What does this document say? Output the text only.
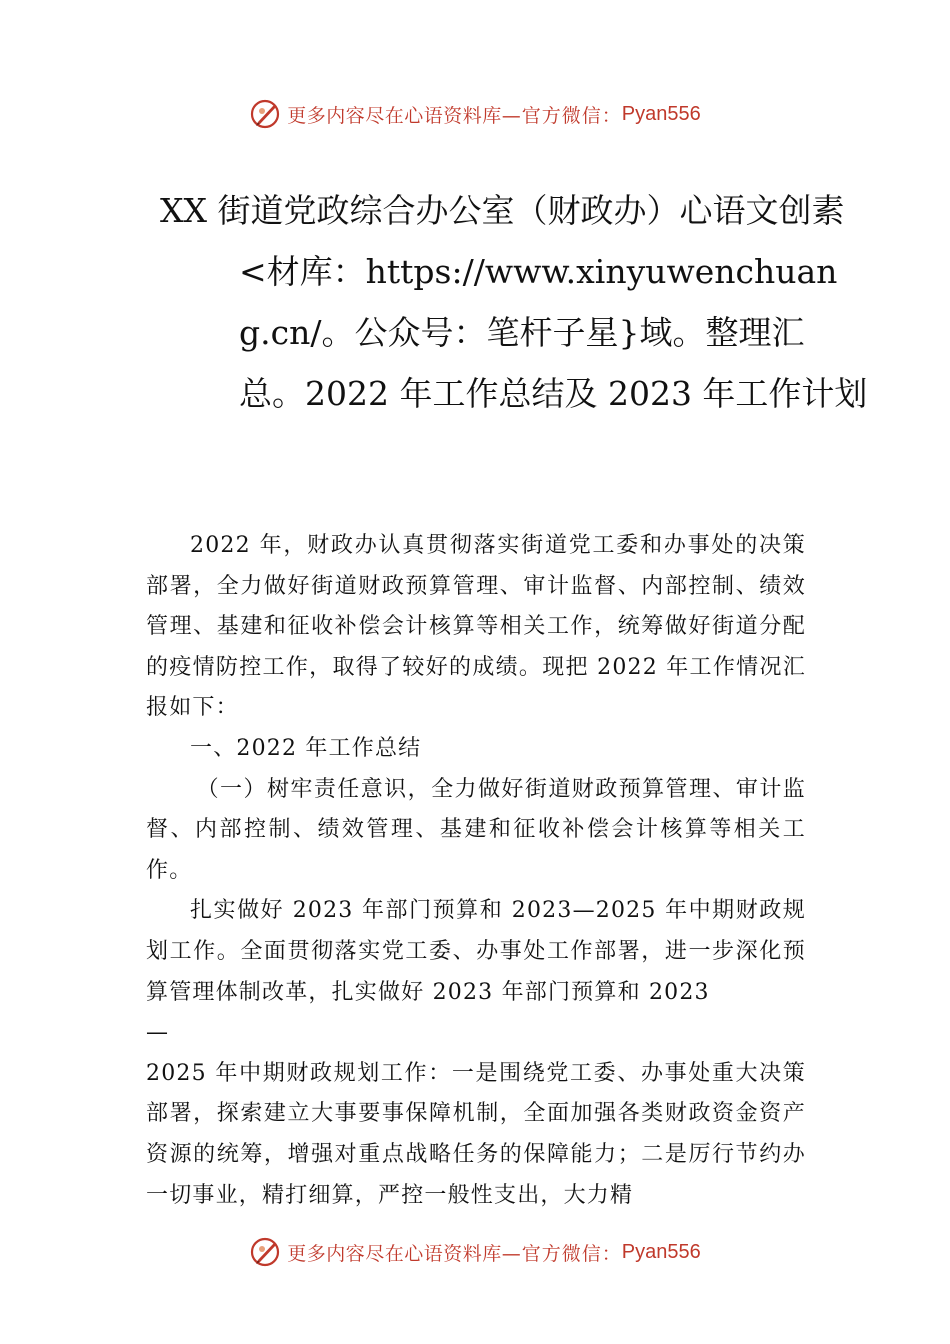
更多内容尽在心语资料库 —官方微信： Pyan556
XX 街道党政综合办公室（财政办）心语文创素<材库：https://www.xinyuwenchuang.cn/。公众号：笔杆子星}域。整理汇总。2022 年工作总结及 2023 年工作计划

2022 年，财政办认真贯彻落实街道党工委和办事处的决策部署，全力做好街道财政预算管理、审计监督、内部控制、绩效管理、基建和征收补偿会计核算等相关工作，统筹做好街道分配的疫情防控工作，取得了较好的成绩。现把 2022 年工作情况汇报如下：

一、2022 年工作总结

（一）树牢责任意识，全力做好街道财政预算管理、审计监督、内部控制、绩效管理、基建和征收补偿会计核算等相关工作。

扎实做好 2023 年部门预算和 2023—2025 年中期财政规划工作。全面贯彻落实党工委、办事处工作部署，进一步深化预算管理体制改革，扎实做好 2023 年部门预算和 2023

—

2025 年中期财政规划工作：一是围绕党工委、办事处重大决策部署，探索建立大事要事保障机制，全面加强各类财政资金资产资源的统筹，增强对重点战略任务的保障能力；二是厉行节约办一切事业，精打细算，严控一般性支出，大力精

更多内容尽在心语资料库 —官方微信： Pyan556
